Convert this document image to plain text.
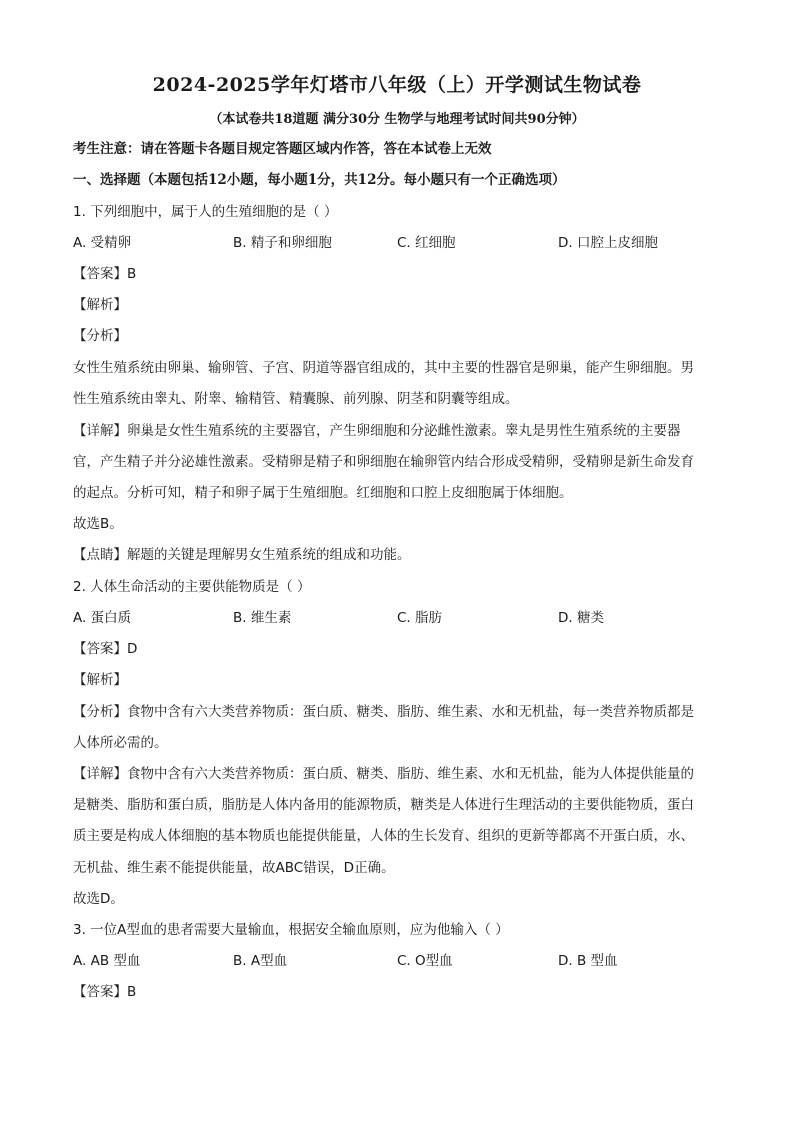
2024-2025学年灯塔市八年级（上）开学测试生物试卷
（本试卷共18道题 满分30分 生物学与地理考试时间共90分钟）
考生注意：请在答题卡各题目规定答题区域内作答，答在本试卷上无效
一、选择题（本题包括12小题，每小题1分，共12分。每小题只有一个正确选项）
1. 下列细胞中，属于人的生殖细胞的是（ ）
A. 受精卵	B. 精子和卵细胞	C. 红细胞	D. 口腔上皮细胞
【答案】B
【解析】
【分析】
女性生殖系统由卵巢、输卵管、子宫、阴道等器官组成的，其中主要的性器官是卵巢，能产生卵细胞。男
性生殖系统由睾丸、附睾、输精管、精囊腺、前列腺、阴茎和阴囊等组成。
【详解】卵巢是女性生殖系统的主要器官，产生卵细胞和分泌雌性激素。睾丸是男性生殖系统的主要器
官，产生精子并分泌雄性激素。受精卵是精子和卵细胞在输卵管内结合形成受精卵，受精卵是新生命发育
的起点。分析可知，精子和卵子属于生殖细胞。红细胞和口腔上皮细胞属于体细胞。
故选B。
【点睛】解题的关键是理解男女生殖系统的组成和功能。
2. 人体生命活动的主要供能物质是（ ）
A. 蛋白质	B. 维生素	C. 脂肪	D. 糖类
【答案】D
【解析】
【分析】食物中含有六大类营养物质：蛋白质、糖类、脂肪、维生素、水和无机盐，每一类营养物质都是
人体所必需的。
【详解】食物中含有六大类营养物质：蛋白质、糖类、脂肪、维生素、水和无机盐，能为人体提供能量的
是糖类、脂肪和蛋白质，脂肪是人体内备用的能源物质，糖类是人体进行生理活动的主要供能物质，蛋白
质主要是构成人体细胞的基本物质也能提供能量，人体的生长发育、组织的更新等都离不开蛋白质，水、
无机盐、维生素不能提供能量，故ABC错误，D正确。
故选D。
3. 一位A型血的患者需要大量输血，根据安全输血原则，应为他输入（ ）
A. AB 型血	B. A型血	C. O型血	D. B 型血
【答案】B
